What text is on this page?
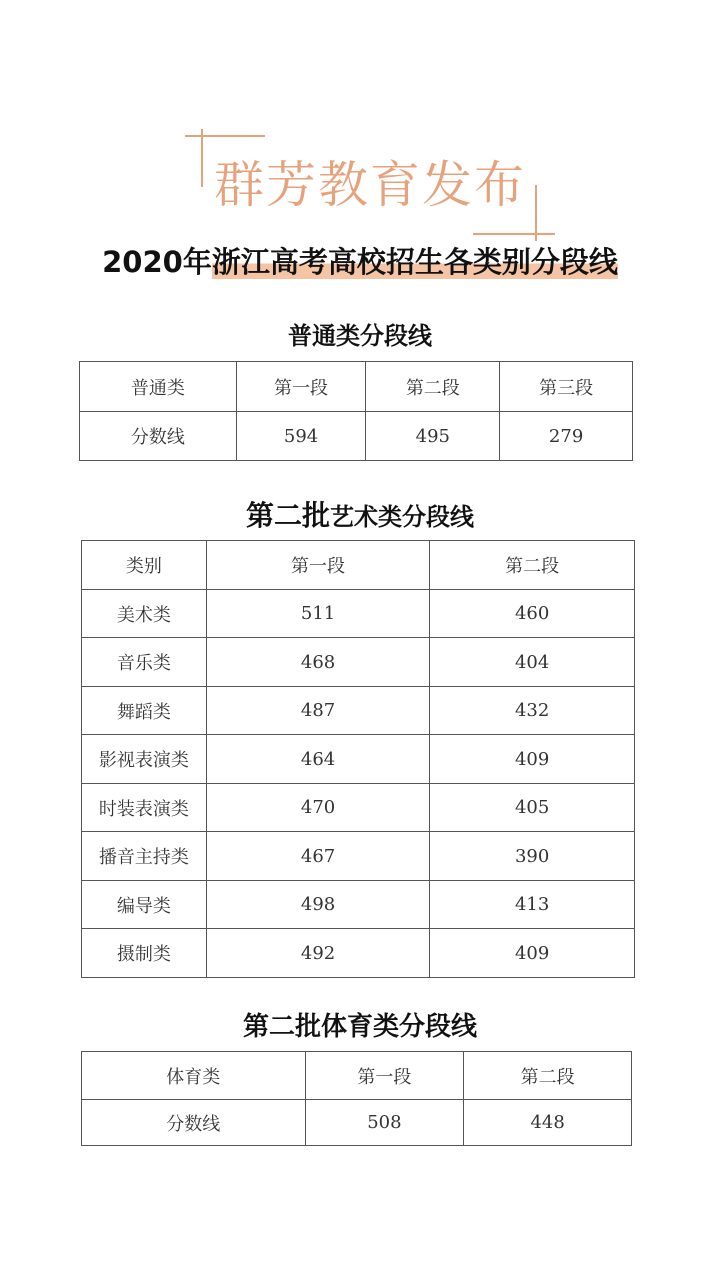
群芳教育发布
2020年浙江高考高校招生各类别分段线
普通类分段线
普通类	第一段	第二段	第三段
分数线	594	495	279
第二批艺术类分段线
类别	第一段	第二段
美术类	511	460
音乐类	468	404
舞蹈类	487	432
影视表演类	464	409
时装表演类	470	405
播音主持类	467	390
编导类	498	413
摄制类	492	409
第二批体育类分段线
体育类	第一段	第二段
分数线	508	448
